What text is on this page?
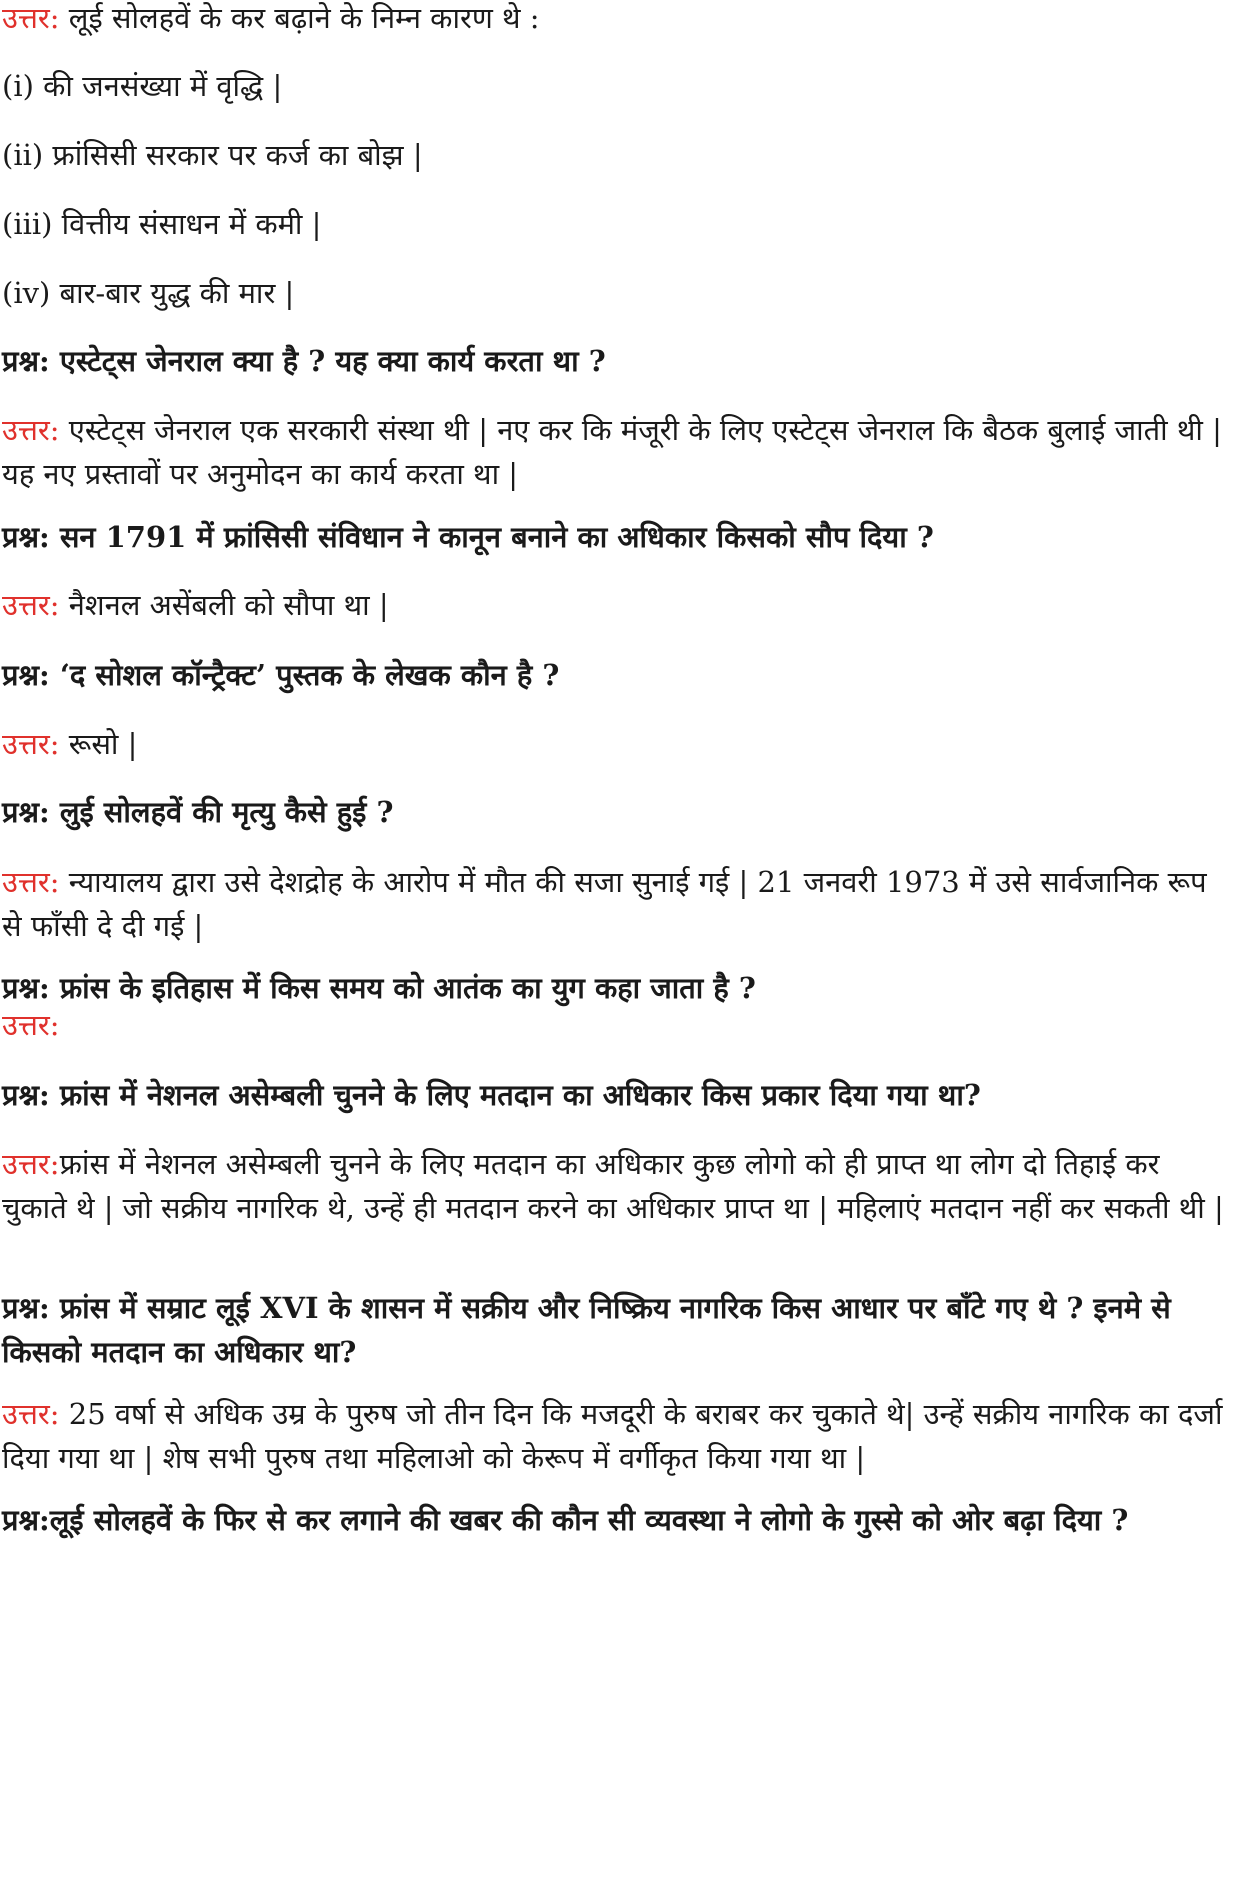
उत्तर: लूई सोलहवें के कर बढ़ाने के निम्न कारण थे :
(i) की जनसंख्या में वृद्धि |
(ii) फ्रांसिसी सरकार पर कर्ज का बोझ |
(iii) वित्तीय संसाधन में कमी |
(iv) बार-बार युद्ध की मार |
प्रश्न: एस्टेट्स जेनराल क्या है ? यह क्या कार्य करता था ?
उत्तर: एस्टेट्स जेनराल एक सरकारी संस्था थी | नए कर कि मंजूरी के लिए एस्टेट्स जेनराल कि बैठक बुलाई जाती थी | यह नए प्रस्तावों पर अनुमोदन का कार्य करता था |
प्रश्न: सन 1791 में फ्रांसिसी संविधान ने कानून बनाने का अधिकार किसको सौप दिया ?
उत्तर: नैशनल असेंबली को सौपा था |
प्रश्न: ‘द सोशल कॉन्ट्रैक्ट’ पुस्तक के लेखक कौन है ?
उत्तर: रूसो |
प्रश्न: लुई सोलहवें की मृत्यु कैसे हुई ?
उत्तर: न्यायालय द्वारा उसे देशद्रोह के आरोप में मौत की सजा सुनाई गई | 21 जनवरी 1973 में उसे सार्वजानिक रूप से फाँसी दे दी गई |
प्रश्न: फ्रांस के इतिहास में किस समय को आतंक का युग कहा जाता है ?
उत्तर:
प्रश्न: फ्रांस में नेशनल असेम्बली चुनने के लिए मतदान का अधिकार किस प्रकार दिया गया था?
उत्तर:फ्रांस में नेशनल असेम्बली चुनने के लिए मतदान का अधिकार कुछ लोगो को ही प्राप्त था लोग दो तिहाई कर चुकाते थे | जो सक्रीय नागरिक थे, उन्हें ही मतदान करने का अधिकार प्राप्त था | महिलाएं मतदान नहीं कर सकती थी |
प्रश्न: फ्रांस में सम्राट लूई XVI के शासन में सक्रीय और निष्क्रिय नागरिक किस आधार पर बाँटे गए थे ? इनमे से किसको मतदान का अधिकार था?
उत्तर: 25 वर्षा से अधिक उम्र के पुरुष जो तीन दिन कि मजदूरी के बराबर कर चुकाते थे| उन्हें सक्रीय नागरिक का दर्जा दिया गया था | शेष सभी पुरुष तथा महिलाओ को केरूप में वर्गीकृत किया गया था |
प्रश्न:लूई सोलहवें के फिर से कर लगाने की खबर की कौन सी व्यवस्था ने लोगो के गुस्से को ओर बढ़ा दिया ?
